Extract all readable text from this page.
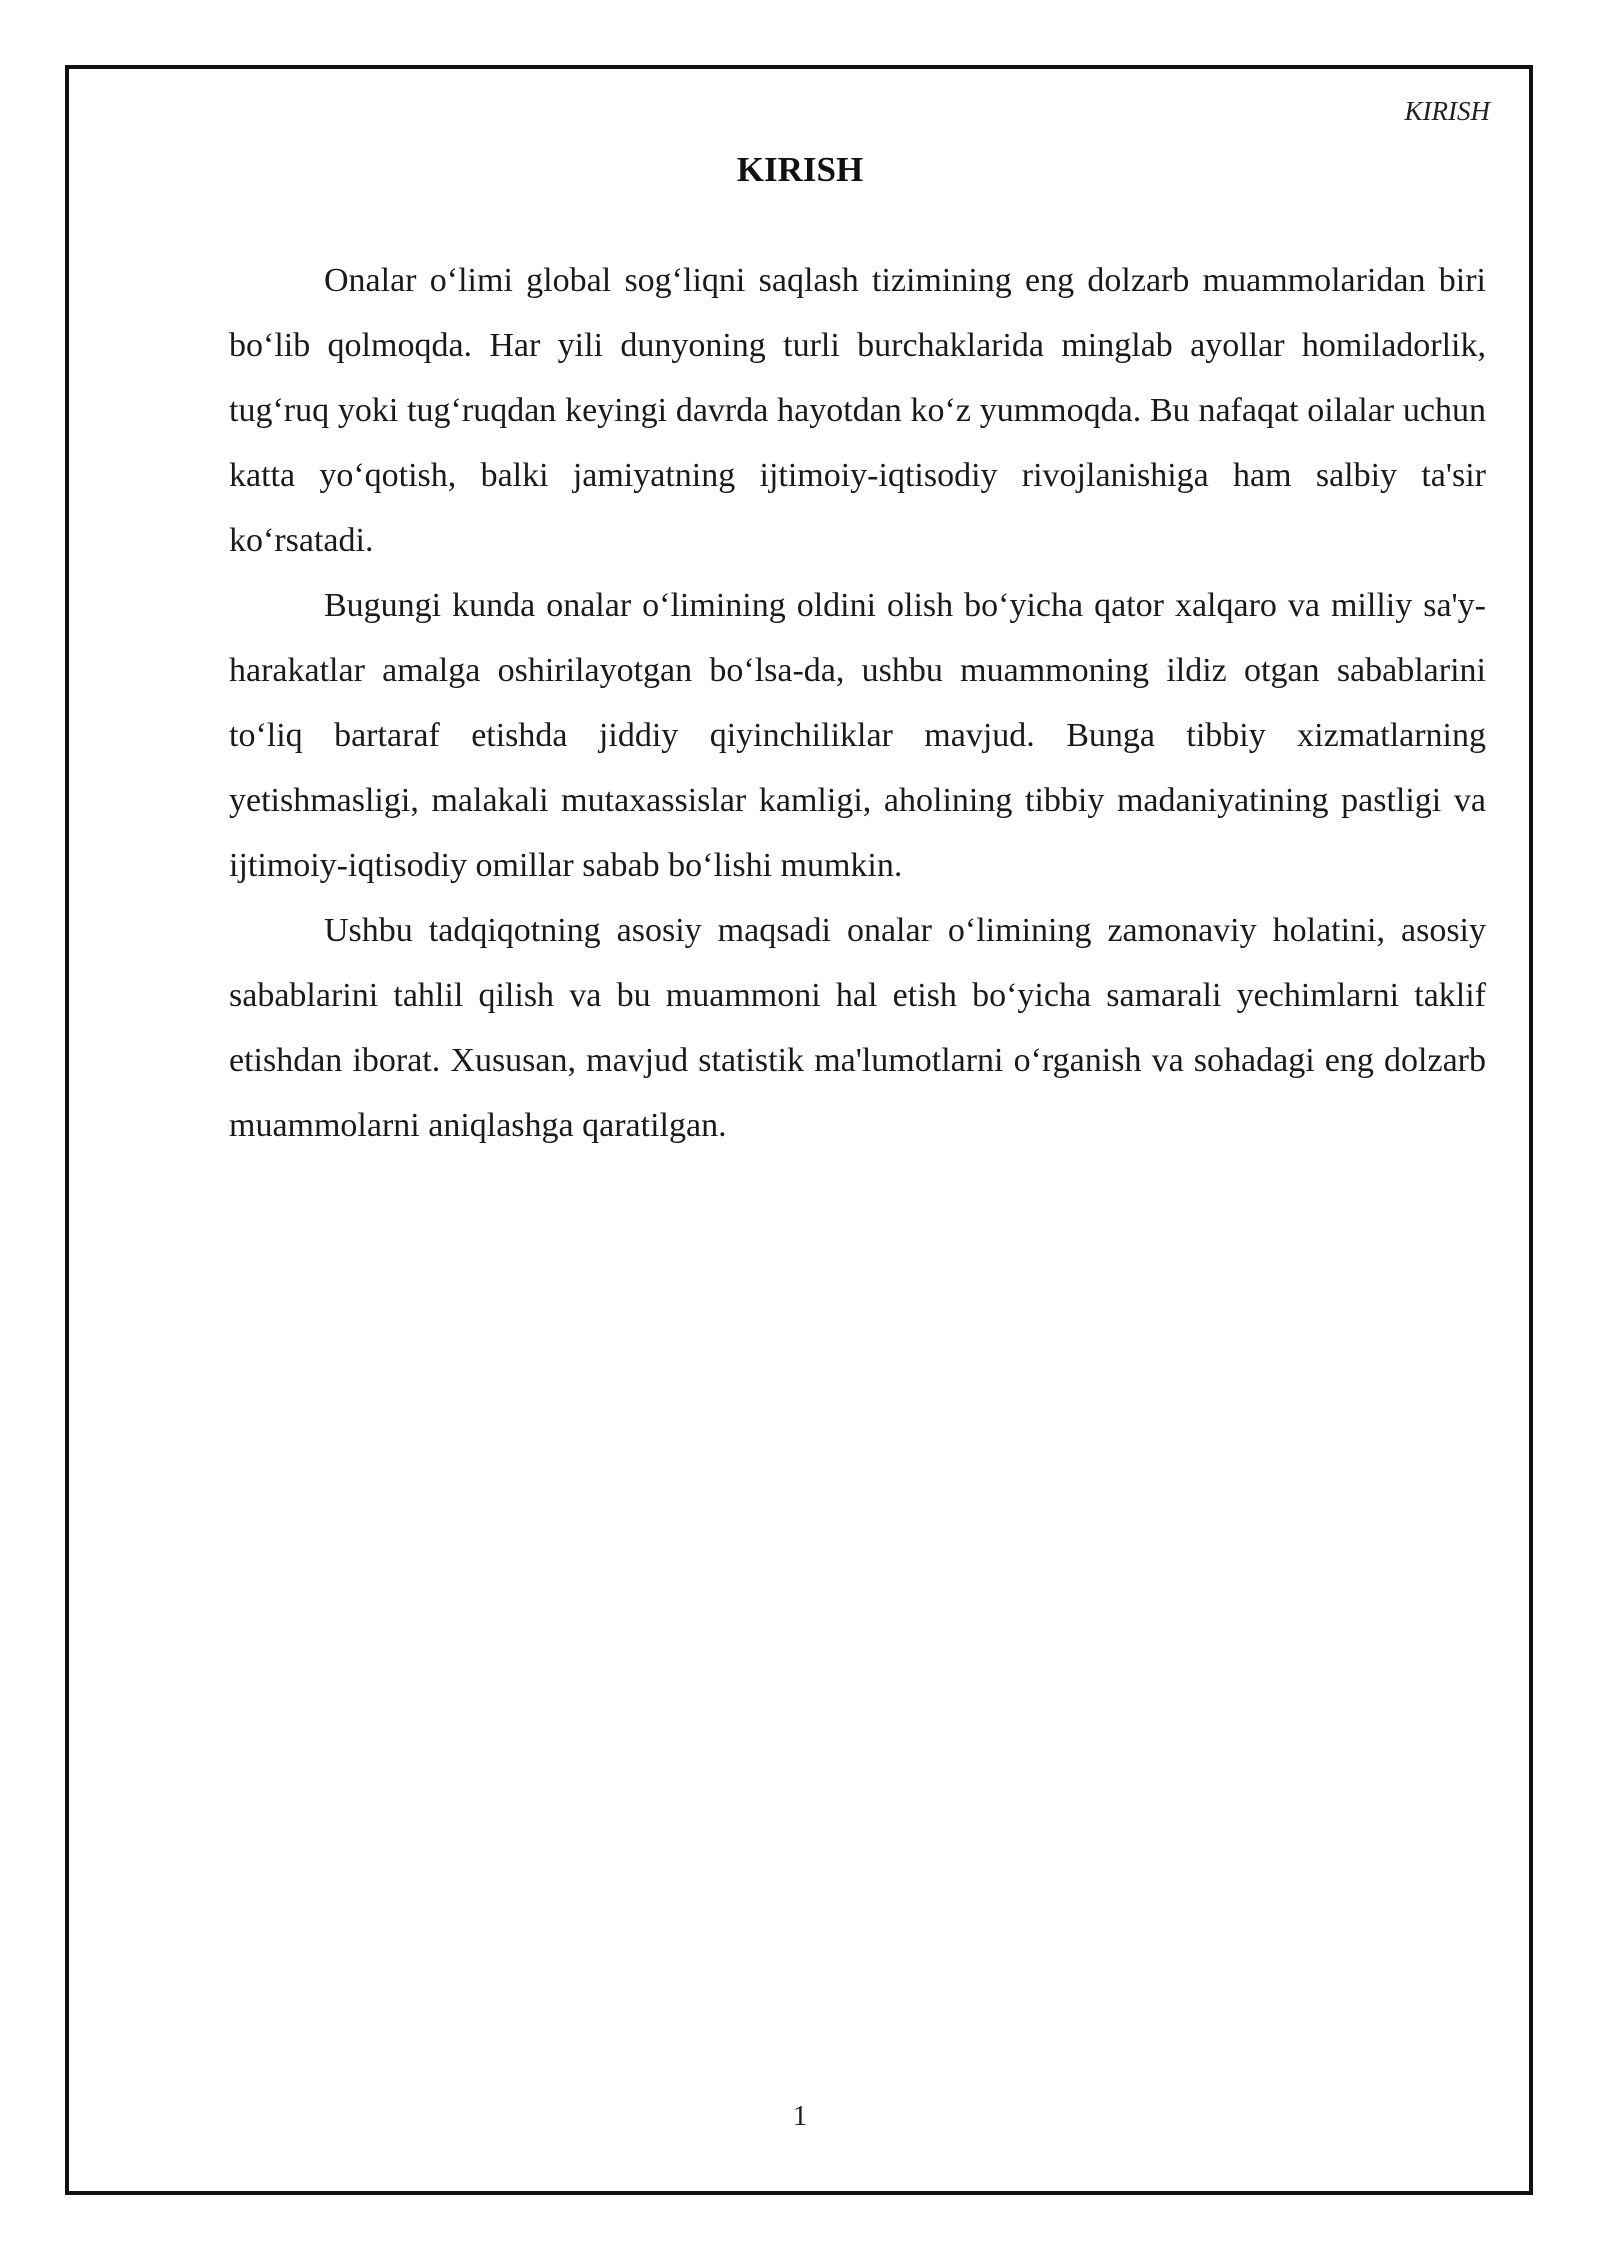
KIRISH
KIRISH

Onalar o‘limi global sog‘liqni saqlash tizimining eng dolzarb muammolaridan biri bo‘lib qolmoqda. Har yili dunyoning turli burchaklarida minglab ayollar homiladorlik, tug‘ruq yoki tug‘ruqdan keyingi davrda hayotdan ko‘z yummoqda. Bu nafaqat oilalar uchun katta yo‘qotish, balki jamiyatning ijtimoiy-iqtisodiy rivojlanishiga ham salbiy ta'sir ko‘rsatadi.

Bugungi kunda onalar o‘limining oldini olish bo‘yicha qator xalqaro va milliy sa'y-harakatlar amalga oshirilayotgan bo‘lsa-da, ushbu muammoning ildiz otgan sabablarini to‘liq bartaraf etishda jiddiy qiyinchiliklar mavjud. Bunga tibbiy xizmatlarning yetishmasligi, malakali mutaxassislar kamligi, aholining tibbiy madaniyatining pastligi va ijtimoiy-iqtisodiy omillar sabab bo‘lishi mumkin.

Ushbu tadqiqotning asosiy maqsadi onalar o‘limining zamonaviy holatini, asosiy sabablarini tahlil qilish va bu muammoni hal etish bo‘yicha samarali yechimlarni taklif etishdan iborat. Xususan, mavjud statistik ma'lumotlarni o‘rganish va sohadagi eng dolzarb muammolarni aniqlashga qaratilgan.

1
